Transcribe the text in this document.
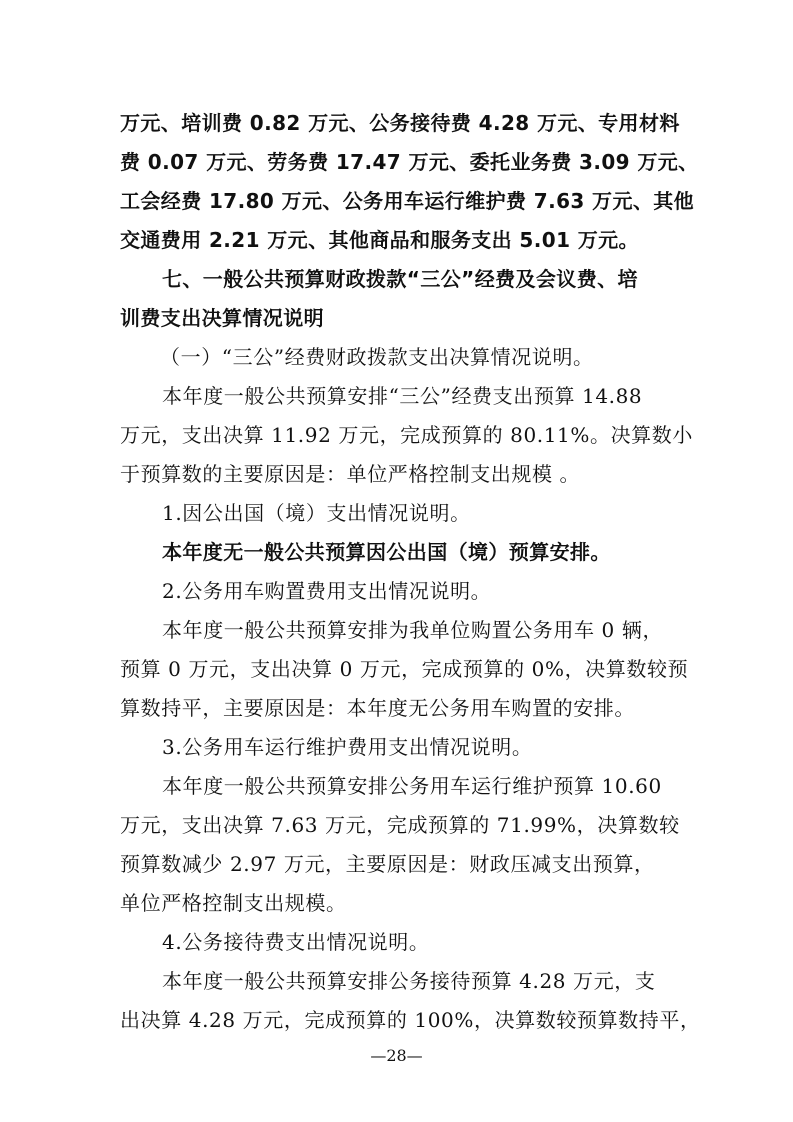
万元、培训费 0.82 万元、公务接待费 4.28 万元、专用材料
费 0.07 万元、劳务费 17.47 万元、委托业务费 3.09 万元、
工会经费 17.80 万元、公务用车运行维护费 7.63 万元、其他
交通费用 2.21 万元、其他商品和服务支出 5.01 万元。
七、一般公共预算财政拨款“三公”经费及会议费、培
训费支出决算情况说明
（一）“三公”经费财政拨款支出决算情况说明。
本年度一般公共预算安排“三公”经费支出预算 14.88
万元，支出决算 11.92 万元，完成预算的 80.11%。决算数小
于预算数的主要原因是：单位严格控制支出规模 。
1.因公出国（境）支出情况说明。
本年度无一般公共预算因公出国（境）预算安排。
2.公务用车购置费用支出情况说明。
本年度一般公共预算安排为我单位购置公务用车 0 辆，
预算 0 万元，支出决算 0 万元，完成预算的 0%，决算数较预
算数持平，主要原因是：本年度无公务用车购置的安排。
3.公务用车运行维护费用支出情况说明。
本年度一般公共预算安排公务用车运行维护预算 10.60
万元，支出决算 7.63 万元，完成预算的 71.99%，决算数较
预算数减少 2.97 万元，主要原因是：财政压减支出预算，
单位严格控制支出规模。
4.公务接待费支出情况说明。
本年度一般公共预算安排公务接待预算 4.28 万元，支
出决算 4.28 万元，完成预算的 100%，决算数较预算数持平，
—28—
